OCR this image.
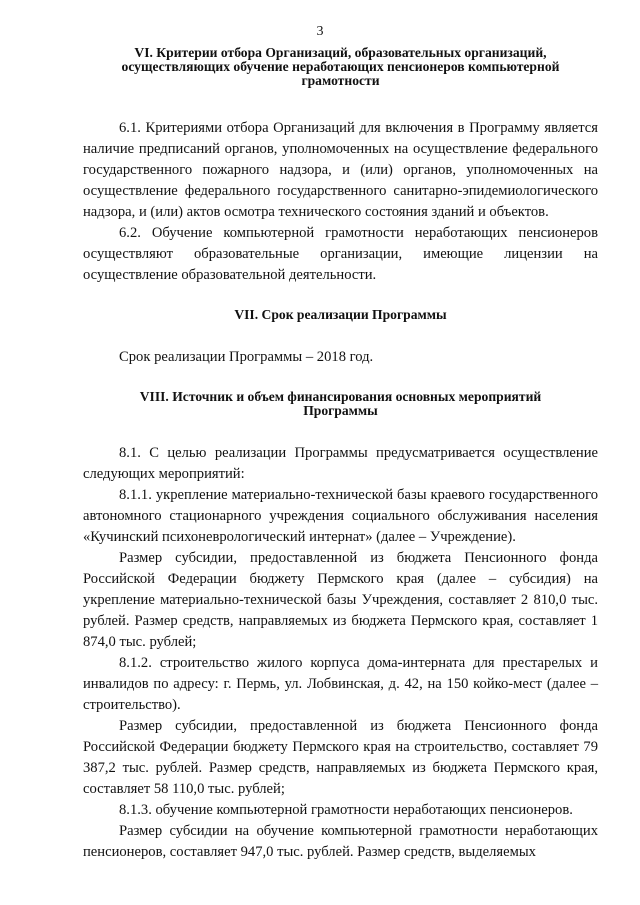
3
VI. Критерии отбора Организаций, образовательных организаций,
осуществляющих обучение неработающих пенсионеров компьютерной
грамотности

6.1. Критериями отбора Организаций для включения в Программу является наличие предписаний органов, уполномоченных на осуществление федерального государственного пожарного надзора, и (или) органов, уполномоченных на осуществление федерального государственного санитарно-эпидемиологического надзора, и (или) актов осмотра технического состояния зданий и объектов.

6.2. Обучение компьютерной грамотности неработающих пенсионеров осуществляют образовательные организации, имеющие лицензии на осуществление образовательной деятельности.

VII. Срок реализации Программы

Срок реализации Программы – 2018 год.

VIII. Источник и объем финансирования основных мероприятий
Программы

8.1. С целью реализации Программы предусматривается осуществление следующих мероприятий:

8.1.1. укрепление материально-технической базы краевого государственного автономного стационарного учреждения социального обслуживания населения «Кучинский психоневрологический интернат» (далее – Учреждение).

Размер субсидии, предоставленной из бюджета Пенсионного фонда Российской Федерации бюджету Пермского края (далее – субсидия) на укрепление материально-технической базы Учреждения, составляет 2 810,0 тыс. рублей. Размер средств, направляемых из бюджета Пермского края, составляет 1 874,0 тыс. рублей;

8.1.2. строительство жилого корпуса дома-интерната для престарелых и инвалидов по адресу: г. Пермь, ул. Лобвинская, д. 42, на 150 койко-мест (далее – строительство).

Размер субсидии, предоставленной из бюджета Пенсионного фонда Российской Федерации бюджету Пермского края на строительство, составляет 79 387,2 тыс. рублей. Размер средств, направляемых из бюджета Пермского края, составляет 58 110,0 тыс. рублей;

8.1.3. обучение компьютерной грамотности неработающих пенсионеров.

Размер субсидии на обучение компьютерной грамотности неработающих пенсионеров, составляет 947,0 тыс. рублей. Размер средств, выделяемых
